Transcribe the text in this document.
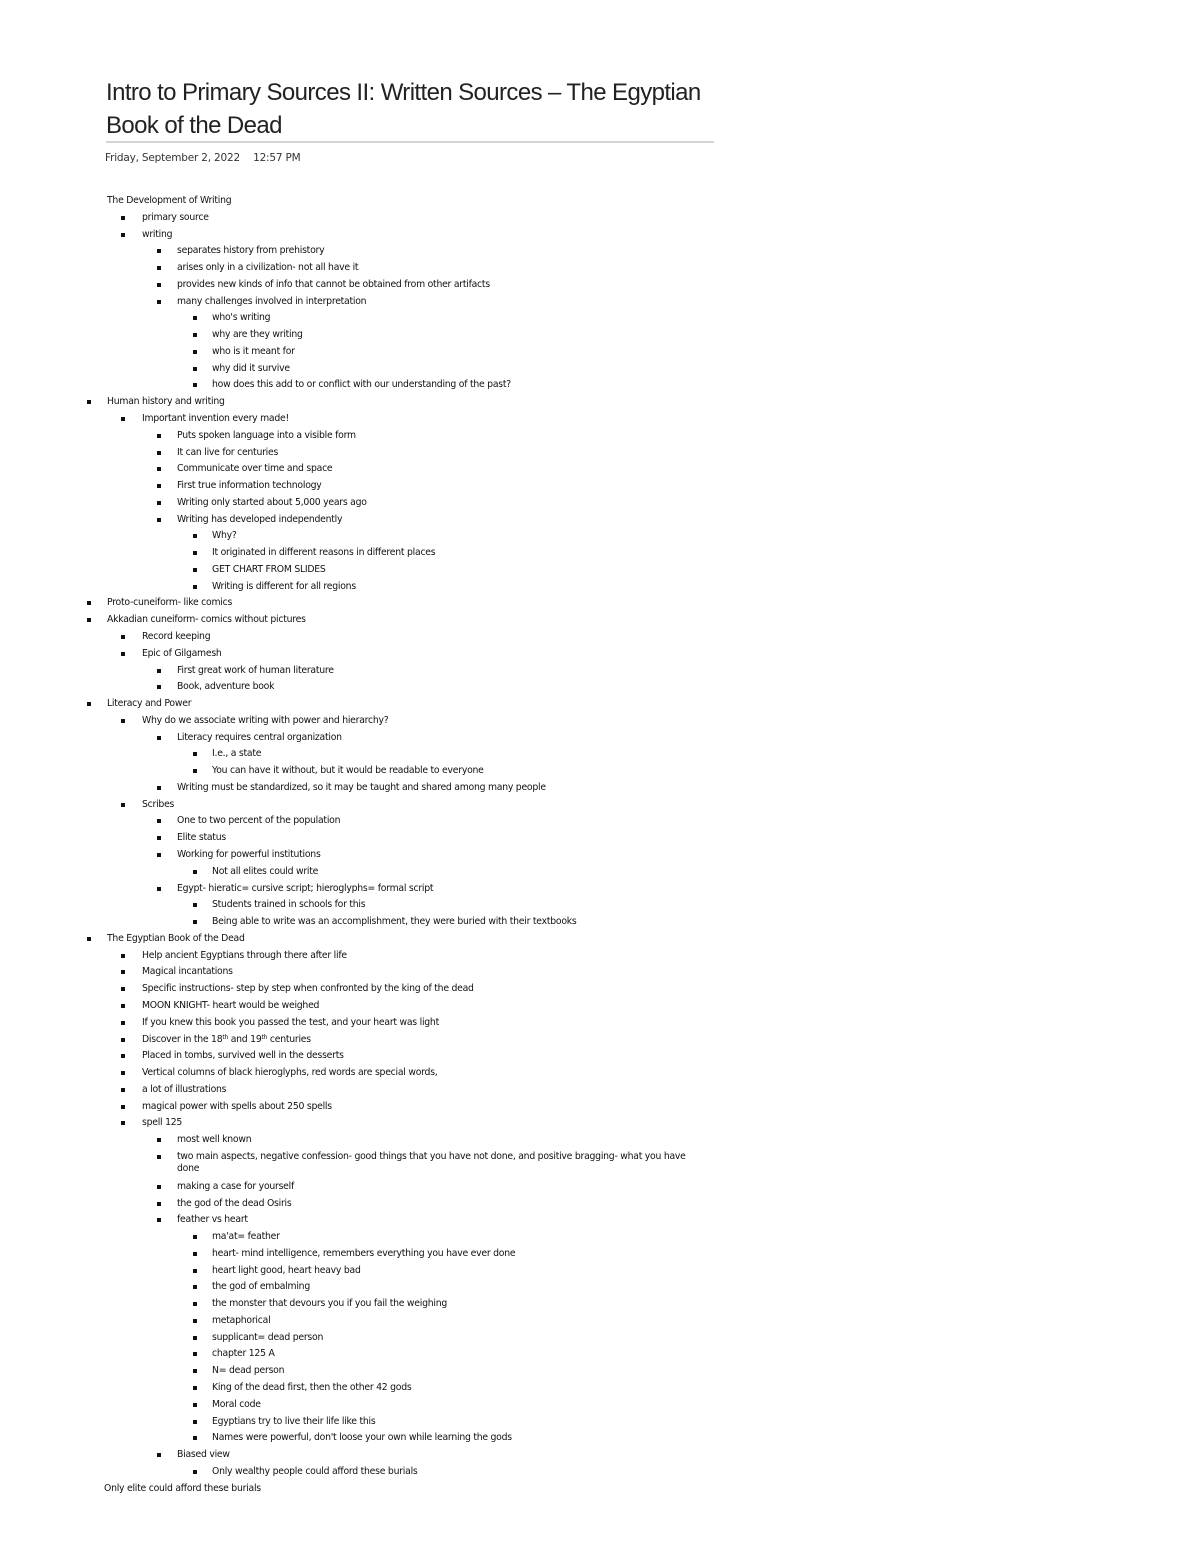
Intro to Primary Sources II: Written Sources – The Egyptian Book of the Dead
Friday, September 2, 2022 12:57 PM
The Development of Writing
primary source
writing
separates history from prehistory
arises only in a civilization- not all have it
provides new kinds of info that cannot be obtained from other artifacts
many challenges involved in interpretation
who's writing
why are they writing
who is it meant for
why did it survive
how does this add to or conflict with our understanding of the past?
Human history and writing
Important invention every made!
Puts spoken language into a visible form
It can live for centuries
Communicate over time and space
First true information technology
Writing only started about 5,000 years ago
Writing has developed independently
Why?
It originated in different reasons in different places
GET CHART FROM SLIDES
Writing is different for all regions
Proto-cuneiform- like comics
Akkadian cuneiform- comics without pictures
Record keeping
Epic of Gilgamesh
First great work of human literature
Book, adventure book
Literacy and Power
Why do we associate writing with power and hierarchy?
Literacy requires central organization
I.e., a state
You can have it without, but it would be readable to everyone
Writing must be standardized, so it may be taught and shared among many people
Scribes
One to two percent of the population
Elite status
Working for powerful institutions
Not all elites could write
Egypt- hieratic= cursive script; hieroglyphs= formal script
Students trained in schools for this
Being able to write was an accomplishment, they were buried with their textbooks
The Egyptian Book of the Dead
Help ancient Egyptians through there after life
Magical incantations
Specific instructions- step by step when confronted by the king of the dead
MOON KNIGHT- heart would be weighed
If you knew this book you passed the test, and your heart was light
Discover in the 18th and 19th centuries
Placed in tombs, survived well in the desserts
Vertical columns of black hieroglyphs, red words are special words,
a lot of illustrations
magical power with spells about 250 spells
spell 125
most well known
two main aspects, negative confession- good things that you have not done, and positive bragging- what you have done
making a case for yourself
the god of the dead Osiris
feather vs heart
ma'at= feather
heart- mind intelligence, remembers everything you have ever done
heart light good, heart heavy bad
the god of embalming
the monster that devours you if you fail the weighing
metaphorical
supplicant= dead person
chapter 125 A
N= dead person
King of the dead first, then the other 42 gods
Moral code
Egyptians try to live their life like this
Names were powerful, don't loose your own while learning the gods
Biased view
Only wealthy people could afford these burials
Only elite could afford these burials
